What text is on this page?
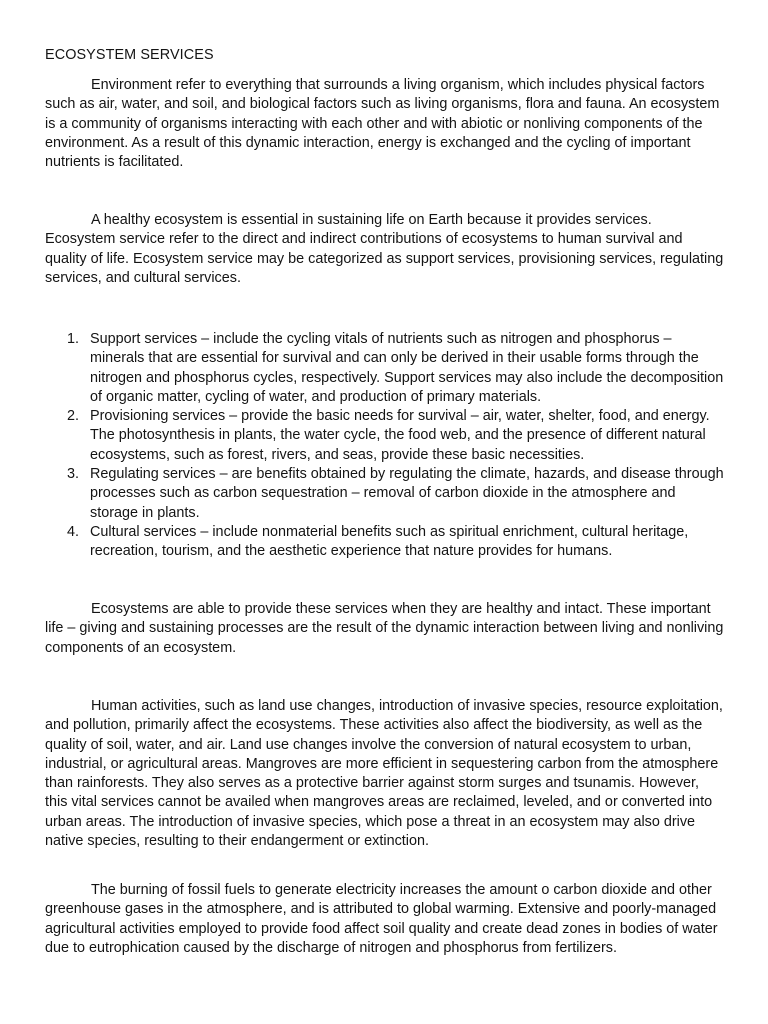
ECOSYSTEM SERVICES

Environment refer to everything that surrounds a living organism, which includes physical factors such as air, water, and soil, and biological factors such as living organisms, flora and fauna. An ecosystem is a community of organisms interacting with each other and with abiotic or nonliving components of the environment. As a result of this dynamic interaction, energy is exchanged and the cycling of important nutrients is facilitated.

A healthy ecosystem is essential in sustaining life on Earth because it provides services. Ecosystem service refer to the direct and indirect contributions of ecosystems to human survival and quality of life. Ecosystem service may be categorized as support services, provisioning services, regulating services, and cultural services.

1. Support services – include the cycling vitals of nutrients such as nitrogen and phosphorus – minerals that are essential for survival and can only be derived in their usable forms through the nitrogen and phosphorus cycles, respectively. Support services may also include the decomposition of organic matter, cycling of water, and production of primary materials.
2. Provisioning services – provide the basic needs for survival – air, water, shelter, food, and energy. The photosynthesis in plants, the water cycle, the food web, and the presence of different natural ecosystems, such as forest, rivers, and seas, provide these basic necessities.
3. Regulating services – are benefits obtained by regulating the climate, hazards, and disease through processes such as carbon sequestration – removal of carbon dioxide in the atmosphere and storage in plants.
4. Cultural services – include nonmaterial benefits such as spiritual enrichment, cultural heritage, recreation, tourism, and the aesthetic experience that nature provides for humans.

Ecosystems are able to provide these services when they are healthy and intact. These important life – giving and sustaining processes are the result of the dynamic interaction between living and nonliving components of an ecosystem.

Human activities, such as land use changes, introduction of invasive species, resource exploitation, and pollution, primarily affect the ecosystems. These activities also affect the biodiversity, as well as the quality of soil, water, and air. Land use changes involve the conversion of natural ecosystem to urban, industrial, or agricultural areas. Mangroves are more efficient in sequestering carbon from the atmosphere than rainforests. They also serves as a protective barrier against storm surges and tsunamis. However, this vital services cannot be availed when mangroves areas are reclaimed, leveled, and or converted into urban areas. The introduction of invasive species, which pose a threat in an ecosystem may also drive native species, resulting to their endangerment or extinction.

The burning of fossil fuels to generate electricity increases the amount o carbon dioxide and other greenhouse gases in the atmosphere, and is attributed to global warming. Extensive and poorly-managed agricultural activities employed to provide food affect soil quality and create dead zones in bodies of water due to eutrophication caused by the discharge of nitrogen and phosphorus from fertilizers.
